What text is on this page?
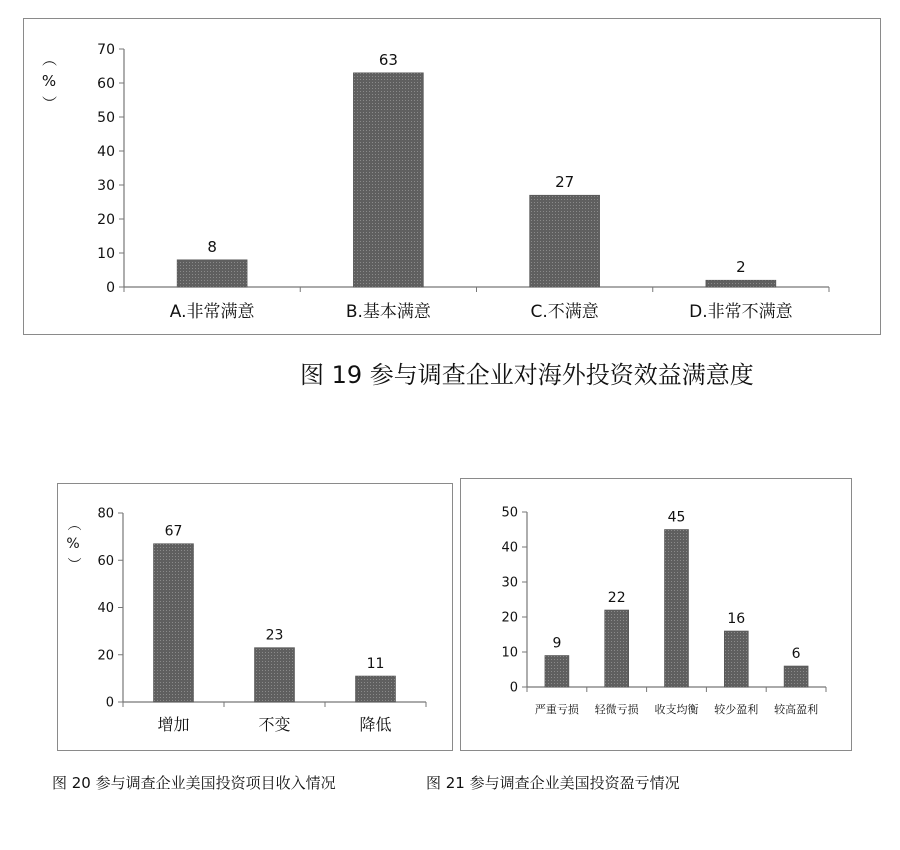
0
10
20
30
40
50
60
70
8
A.非常满意
63
B.基本满意
27
C.不满意
2
D.非常不满意
（
%
）
图 19 参与调查企业对海外投资效益满意度
0
20
40
60
80
67
增加
23
不变
11
降低
（
%
）
图 20 参与调查企业美国投资项目收入情况
0
10
20
30
40
50
9
严重亏损
22
轻微亏损
45
收支均衡
16
较少盈利
6
较高盈利
图 21 参与调查企业美国投资盈亏情况
